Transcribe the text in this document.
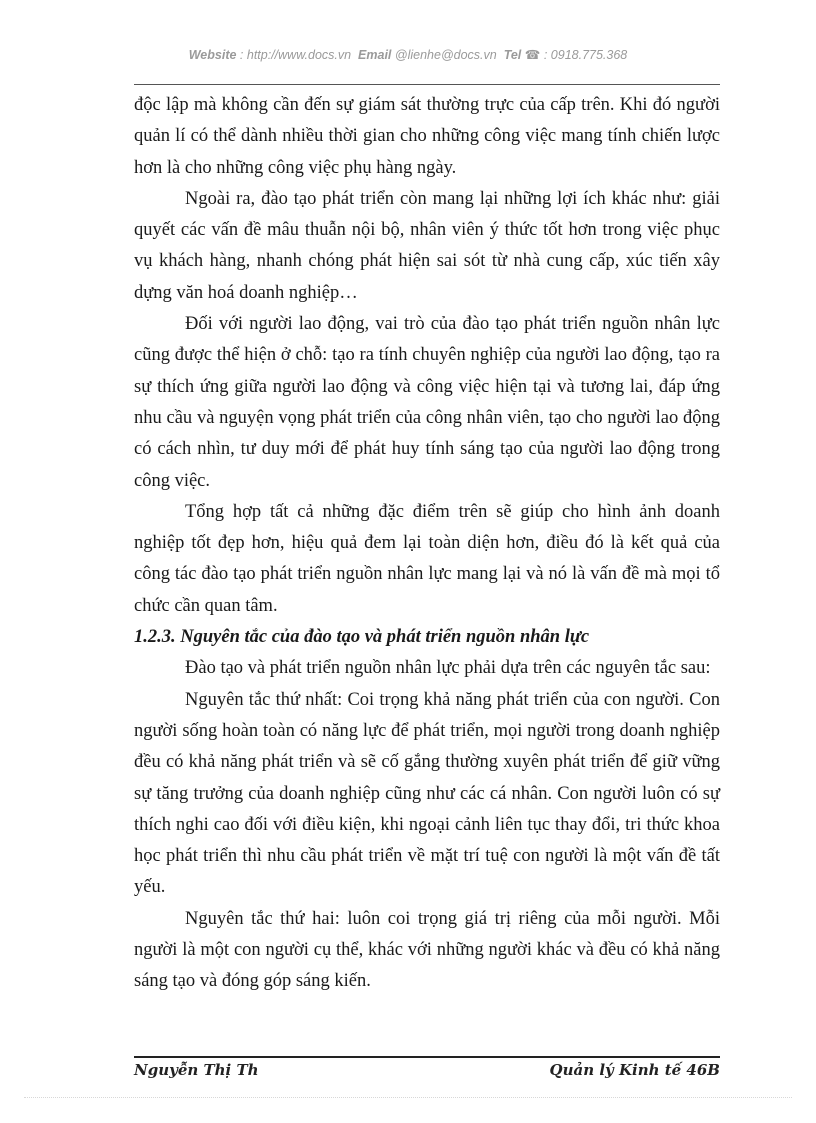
Website : http://www.docs.vn Email @lienhe@docs.vn Tel ☎ : 0918.775.368

độc lập mà không cần đến sự giám sát thường trực của cấp trên. Khi đó người quản lí có thể dành nhiều thời gian cho những công việc mang tính chiến lược hơn là cho những công việc phụ hàng ngày.

Ngoài ra, đào tạo phát triển còn mang lại những lợi ích khác như: giải quyết các vấn đề mâu thuẫn nội bộ, nhân viên ý thức tốt hơn trong việc phục vụ khách hàng, nhanh chóng phát hiện sai sót từ nhà cung cấp, xúc tiến xây dựng văn hoá doanh nghiệp…

Đối với người lao động, vai trò của đào tạo phát triển nguồn nhân lực cũng được thể hiện ở chỗ: tạo ra tính chuyên nghiệp của người lao động, tạo ra sự thích ứng giữa người lao động và công việc hiện tại và tương lai, đáp ứng nhu cầu và nguyện vọng phát triển của công nhân viên, tạo cho người lao động có cách nhìn, tư duy mới để phát huy tính sáng tạo của người lao động trong công việc.

Tổng hợp tất cả những đặc điểm trên sẽ giúp cho hình ảnh doanh nghiệp tốt đẹp hơn, hiệu quả đem lại toàn diện hơn, điều đó là kết quả của công tác đào tạo phát triển nguồn nhân lực mang lại và nó là vấn đề mà mọi tổ chức cần quan tâm.

1.2.3. Nguyên tắc của đào tạo và phát triển nguồn nhân lực

Đào tạo và phát triển nguồn nhân lực phải dựa trên các nguyên tắc sau:

Nguyên tắc thứ nhất: Coi trọng khả năng phát triển của con người. Con người sống hoàn toàn có năng lực để phát triển, mọi người trong doanh nghiệp đều có khả năng phát triển và sẽ cố gắng thường xuyên phát triển để giữ vững sự tăng trưởng của doanh nghiệp cũng như các cá nhân. Con người luôn có sự thích nghi cao đối với điều kiện, khi ngoại cảnh liên tục thay đổi, tri thức khoa học phát triển thì nhu cầu phát triển về mặt trí tuệ con người là một vấn đề tất yếu.

Nguyên tắc thứ hai: luôn coi trọng giá trị riêng của mỗi người. Mỗi người là một con người cụ thể, khác với những người khác và đều có khả năng sáng tạo và đóng góp sáng kiến.

Nguyễn Thị Th	Quản lý Kinh tế 46B
